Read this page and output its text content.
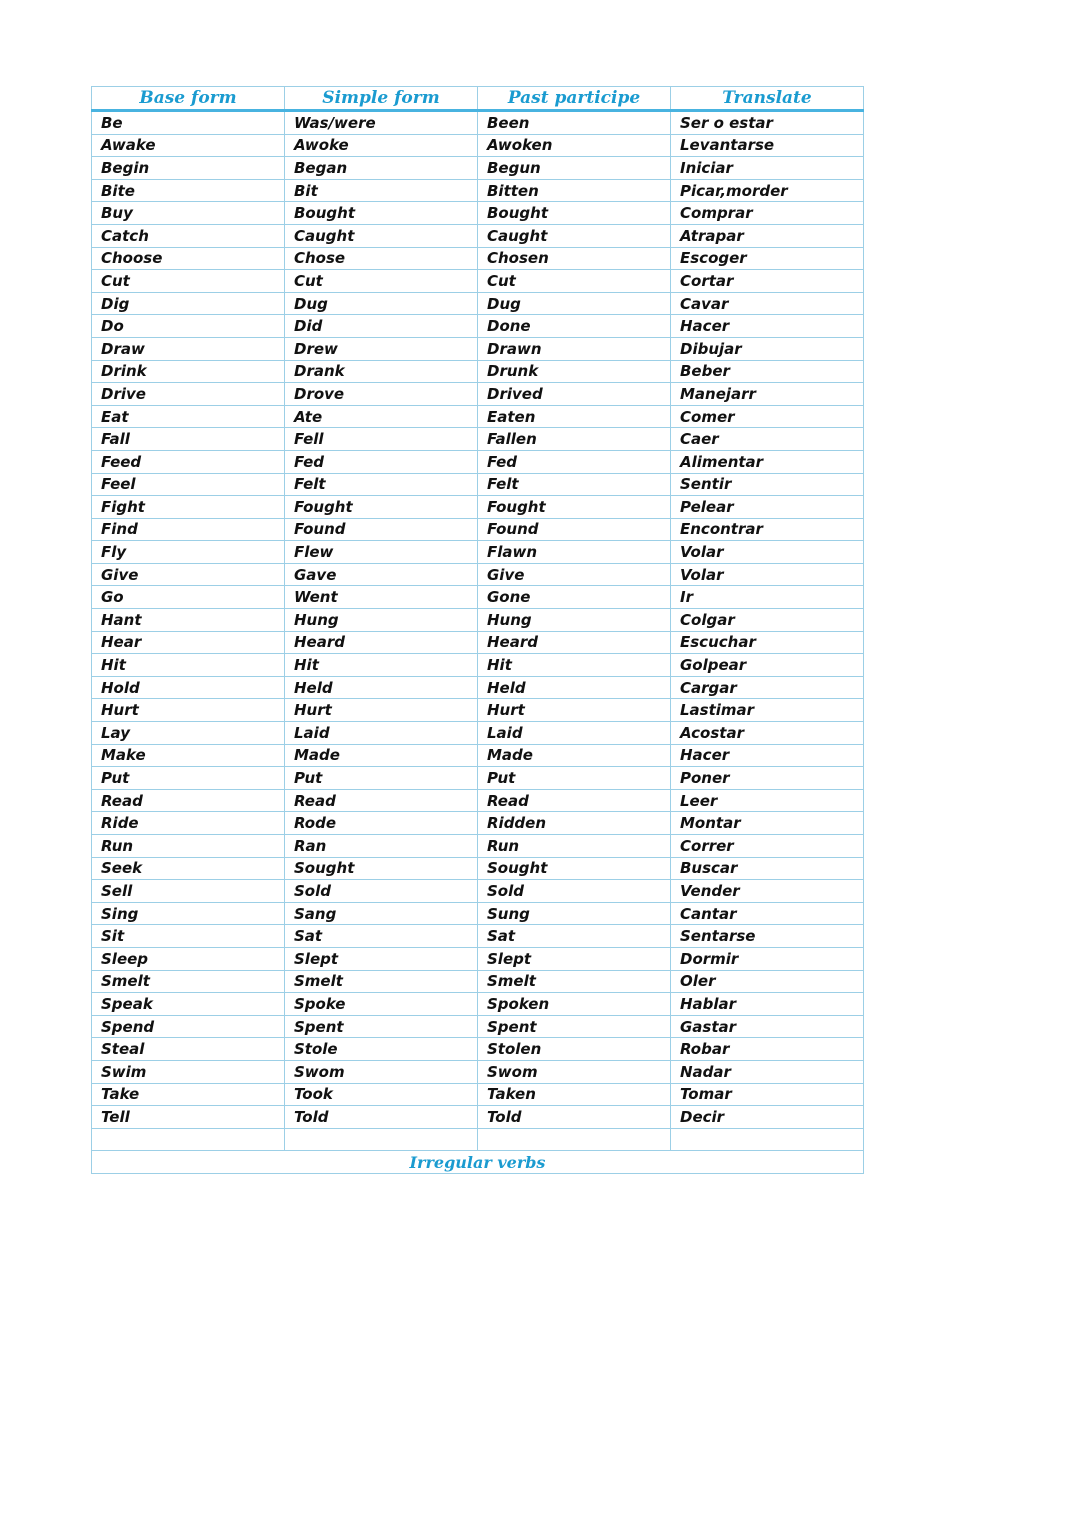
Base form	Simple form	Past participe	Translate
Be	Was/were	Been	Ser o estar
Awake	Awoke	Awoken	Levantarse
Begin	Began	Begun	Iniciar
Bite	Bit	Bitten	Picar,morder
Buy	Bought	Bought	Comprar
Catch	Caught	Caught	Atrapar
Choose	Chose	Chosen	Escoger
Cut	Cut	Cut	Cortar
Dig	Dug	Dug	Cavar
Do	Did	Done	Hacer
Draw	Drew	Drawn	Dibujar
Drink	Drank	Drunk	Beber
Drive	Drove	Drived	Manejarr
Eat	Ate	Eaten	Comer
Fall	Fell	Fallen	Caer
Feed	Fed	Fed	Alimentar
Feel	Felt	Felt	Sentir
Fight	Fought	Fought	Pelear
Find	Found	Found	Encontrar
Fly	Flew	Flawn	Volar
Give	Gave	Give	Volar
Go	Went	Gone	Ir
Hant	Hung	Hung	Colgar
Hear	Heard	Heard	Escuchar
Hit	Hit	Hit	Golpear
Hold	Held	Held	Cargar
Hurt	Hurt	Hurt	Lastimar
Lay	Laid	Laid	Acostar
Make	Made	Made	Hacer
Put	Put	Put	Poner
Read	Read	Read	Leer
Ride	Rode	Ridden	Montar
Run	Ran	Run	Correr
Seek	Sought	Sought	Buscar
Sell	Sold	Sold	Vender
Sing	Sang	Sung	Cantar
Sit	Sat	Sat	Sentarse
Sleep	Slept	Slept	Dormir
Smelt	Smelt	Smelt	Oler
Speak	Spoke	Spoken	Hablar
Spend	Spent	Spent	Gastar
Steal	Stole	Stolen	Robar
Swim	Swom	Swom	Nadar
Take	Took	Taken	Tomar
Tell	Told	Told	Decir

Irregular verbs			
